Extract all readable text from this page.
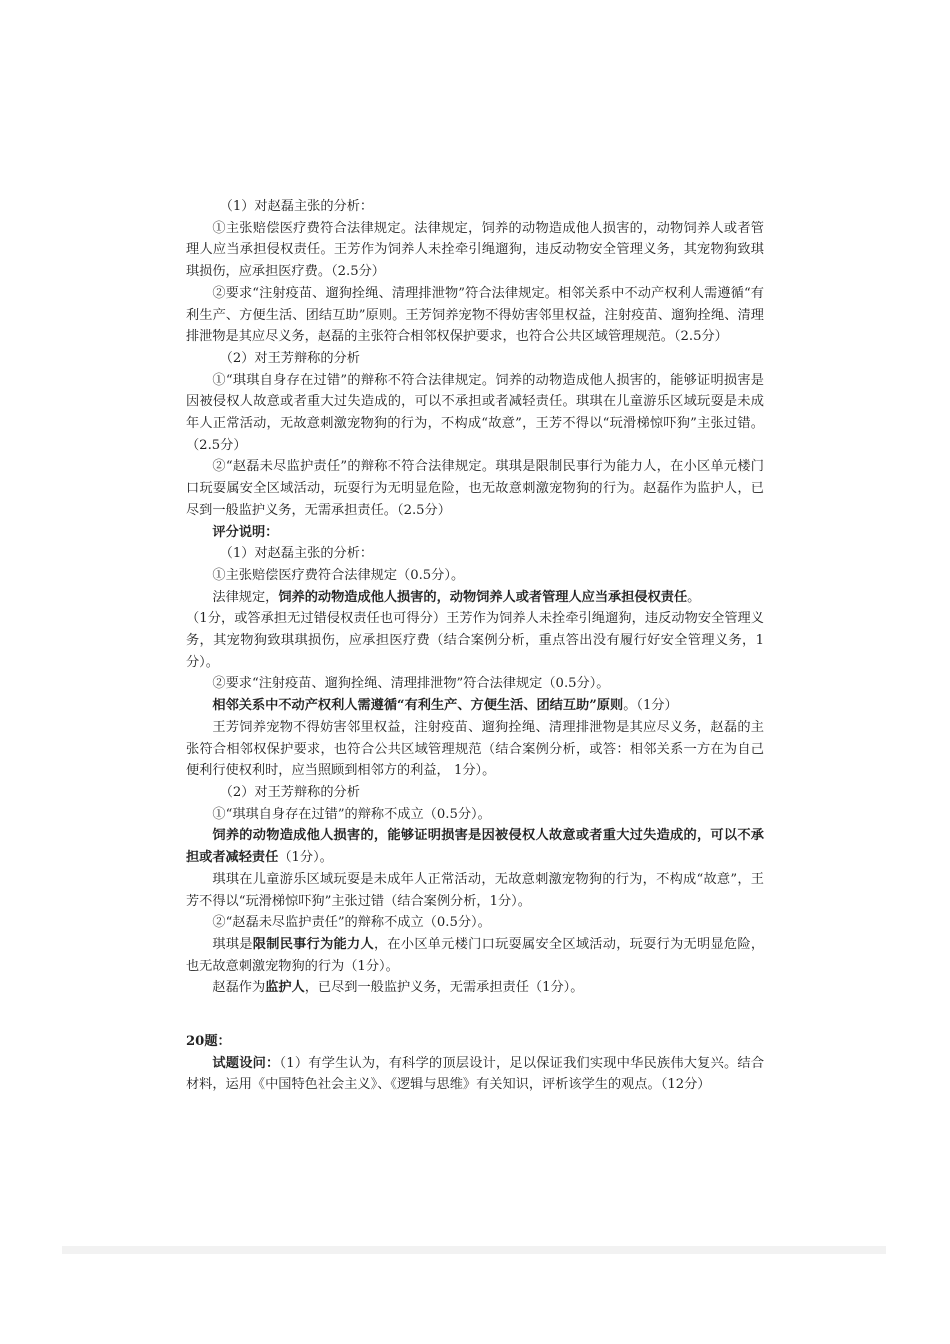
（1）对赵磊主张的分析：

①主张赔偿医疗费符合法律规定。法律规定，饲养的动物造成他人损害的，动物饲养人或者管理人应当承担侵权责任。王芳作为饲养人未拴牵引绳遛狗，违反动物安全管理义务，其宠物狗致琪琪损伤，应承担医疗费。（2.5分）

②要求“注射疫苗、遛狗拴绳、清理排泄物”符合法律规定。相邻关系中不动产权利人需遵循“有利生产、方便生活、团结互助”原则。王芳饲养宠物不得妨害邻里权益，注射疫苗、遛狗拴绳、清理排泄物是其应尽义务，赵磊的主张符合相邻权保护要求，也符合公共区域管理规范。（2.5分）

（2）对王芳辩称的分析

①“琪琪自身存在过错”的辩称不符合法律规定。饲养的动物造成他人损害的，能够证明损害是因被侵权人故意或者重大过失造成的，可以不承担或者减轻责任。琪琪在儿童游乐区域玩耍是未成年人正常活动，无故意刺激宠物狗的行为，不构成“故意”，王芳不得以“玩滑梯惊吓狗”主张过错。（2.5分）

②“赵磊未尽监护责任”的辩称不符合法律规定。琪琪是限制民事行为能力人，在小区单元楼门口玩耍属安全区域活动，玩耍行为无明显危险，也无故意刺激宠物狗的行为。赵磊作为监护人，已尽到一般监护义务，无需承担责任。（2.5分）

评分说明：

（1）对赵磊主张的分析：

①主张赔偿医疗费符合法律规定（0.5分）。

法律规定，饲养的动物造成他人损害的，动物饲养人或者管理人应当承担侵权责任。

（1分，或答承担无过错侵权责任也可得分）王芳作为饲养人未拴牵引绳遛狗，违反动物安全管理义务，其宠物狗致琪琪损伤，应承担医疗费（结合案例分析，重点答出没有履行好安全管理义务，1分）。

②要求“注射疫苗、遛狗拴绳、清理排泄物”符合法律规定（0.5分）。

相邻关系中不动产权利人需遵循“有利生产、方便生活、团结互助”原则。（1分）

王芳饲养宠物不得妨害邻里权益，注射疫苗、遛狗拴绳、清理排泄物是其应尽义务，赵磊的主张符合相邻权保护要求，也符合公共区域管理规范（结合案例分析，或答：相邻关系一方在为自己便利行使权利时，应当照顾到相邻方的利益， 1分）。

（2）对王芳辩称的分析

①“琪琪自身存在过错”的辩称不成立（0.5分）。

饲养的动物造成他人损害的，能够证明损害是因被侵权人故意或者重大过失造成的，可以不承担或者减轻责任（1分）。

琪琪在儿童游乐区域玩耍是未成年人正常活动，无故意刺激宠物狗的行为，不构成“故意”，王芳不得以“玩滑梯惊吓狗”主张过错（结合案例分析，1分）。

②“赵磊未尽监护责任”的辩称不成立（0.5分）。

琪琪是限制民事行为能力人，在小区单元楼门口玩耍属安全区域活动，玩耍行为无明显危险，也无故意刺激宠物狗的行为（1分）。

赵磊作为监护人，已尽到一般监护义务，无需承担责任（1分）。

20题：

试题设问：（1）有学生认为，有科学的顶层设计，足以保证我们实现中华民族伟大复兴。结合材料，运用《中国特色社会主义》、《逻辑与思维》有关知识，评析该学生的观点。（12分）
